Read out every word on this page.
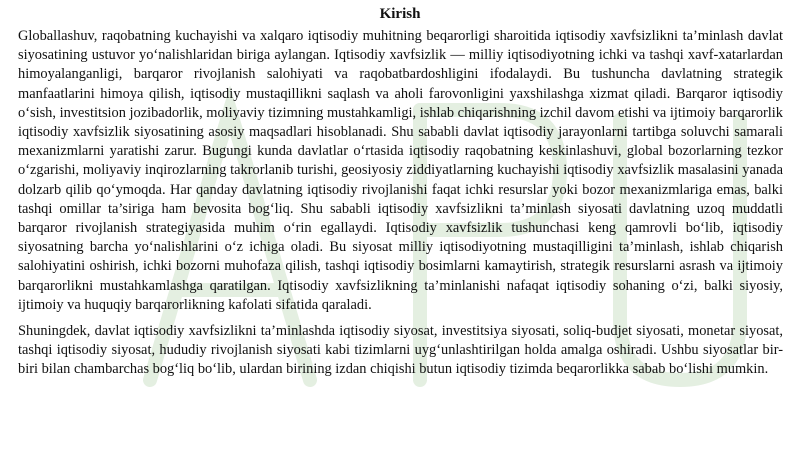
Kirish

Globallashuv, raqobatning kuchayishi va xalqaro iqtisodiy muhitning beqarorligi sharoitida iqtisodiy xavfsizlikni ta’minlash davlat siyosatining ustuvor yo‘nalishlaridan biriga aylangan. Iqtisodiy xavfsizlik — milliy iqtisodiyotning ichki va tashqi xavf-xatarlardan himoyalanganligi, barqaror rivojlanish salohiyati va raqobatbardoshligini ifodalaydi. Bu tushuncha davlatning strategik manfaatlarini himoya qilish, iqtisodiy mustaqillikni saqlash va aholi farovonligini yaxshilashga xizmat qiladi. Barqaror iqtisodiy o‘sish, investitsion jozibadorlik, moliyaviy tizimning mustahkamligi, ishlab chiqarishning izchil davom etishi va ijtimoiy barqarorlik iqtisodiy xavfsizlik siyosatining asosiy maqsadlari hisoblanadi. Shu sababli davlat iqtisodiy jarayonlarni tartibga soluvchi samarali mexanizmlarni yaratishi zarur. Bugungi kunda davlatlar o‘rtasida iqtisodiy raqobatning keskinlashuvi, global bozorlarning tezkor o‘zgarishi, moliyaviy inqirozlarning takrorlanib turishi, geosiyosiy ziddiyatlarning kuchayishi iqtisodiy xavfsizlik masalasini yanada dolzarb qilib qo‘ymoqda. Har qanday davlatning iqtisodiy rivojlanishi faqat ichki resurslar yoki bozor mexanizmlariga emas, balki tashqi omillar ta’siriga ham bevosita bog‘liq. Shu sababli iqtisodiy xavfsizlikni ta’minlash siyosati davlatning uzoq muddatli barqaror rivojlanish strategiyasida muhim o‘rin egallaydi. Iqtisodiy xavfsizlik tushunchasi keng qamrovli bo‘lib, iqtisodiy siyosatning barcha yo‘nalishlarini o‘z ichiga oladi. Bu siyosat milliy iqtisodiyotning mustaqilligini ta’minlash, ishlab chiqarish salohiyatini oshirish, ichki bozorni muhofaza qilish, tashqi iqtisodiy bosimlarni kamaytirish, strategik resurslarni asrash va ijtimoiy barqarorlikni mustahkamlashga qaratilgan. Iqtisodiy xavfsizlikning ta’minlanishi nafaqat iqtisodiy sohaning o‘zi, balki siyosiy, ijtimoiy va huquqiy barqarorlikning kafolati sifatida qaraladi.

Shuningdek, davlat iqtisodiy xavfsizlikni ta’minlashda iqtisodiy siyosat, investitsiya siyosati, soliq-budjet siyosati, monetar siyosat, tashqi iqtisodiy siyosat, hududiy rivojlanish siyosati kabi tizimlarni uyg‘unlashtirilgan holda amalga oshiradi. Ushbu siyosatlar bir-biri bilan chambarchas bog‘liq bo‘lib, ulardan birining izdan chiqishi butun iqtisodiy tizimda beqarorlikka sabab bo‘lishi mumkin.
